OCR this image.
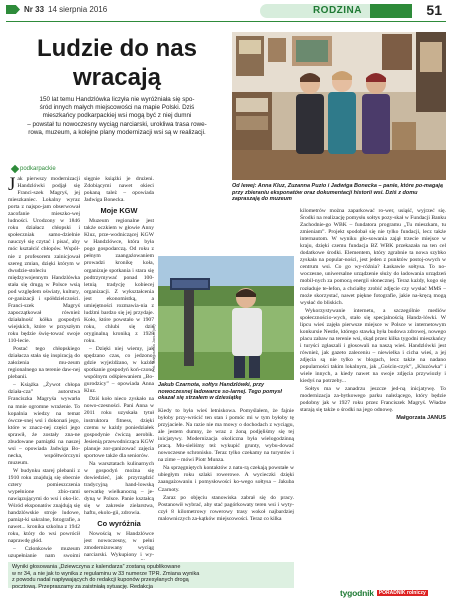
Nr 33 14 sierpnia 2016	RODZINA	51
Ludzie do nas
wracają
150 lat temu Handzlówka liczyła nie wyróżniała się spo-
śród innych małych miejscowości na mapie Polski. Dziś
mieszkańcy podkarpackiej wsi mogą być z niej dumni
– powstał tu nowoczesny wyciąg narciarski, urokliwa trasa rowe-
rowa, muzeum, a kolejne plany modernizacji wsi są w realizacji.
podkarpackie
Od lewej: Anna Kluz, Zuzanna Puzio i Jadwiga Bonecka – panie, które po-magają przy zbieraniu eksponatów oraz dokumentacji historii wsi. Dziś z domu zapraszają do muzeum
Fot. Małgorzata Janus (x2)
Jakub Czarnota, sołtys Handzlówki, przy nowoczesnej ładowarce so-larnej. Tego pomysł okazał się strzałem w dziesiątkę

Jak pierwszy modernizacji Handzlówki podjął się Franci-szek Magryś, jej mieszkaniec. Lokalny wyraz porta z najspo-jam obserwował zacofanie mieszko-wej ludności. Urodzony w 1846 roku działacz chłopski i społeczniak samo-dzielnie nauczył się czytać i pisać, aby móc kształcić chłopów. Wspól-nie z profesorem zainicjował szereg zmian, dzięki którym w dwudzie-stoleciu międzywojennym Handzlówka stała się drugą w Polsce wsią pod względem oświaty, kultury, or-ganizacji i spółdzielczości. Franci-szek Magryś zapoczątkował również działalność kółka gospodyń wiejskich, które w przyszłym roku będzie świę-tować swoje 110-lecie.

Postać tego chłopskiego działacza stała się inspiracją do założenia mu-zeum regionalnego na terenie daw-nej plebanii.

– Książka „Żywot chłopa działa-cza” autorstwa Franciszka Magryśa wywarła na mnie ogromne wrażenie. To kopalnia wiedzy na temat ówcze-snej wsi i dokonań jego, które w znacz-nej części jego sprawił, że zostały zna-ne zbudowane pamiątki na naszej wsi – opowiada Jadwiga Bo-necka, współtwórczyni muzeum.

W budynku starej plebanii z 1910 roku znajdują się obecnie cztery pomieszczenia wypełnione zbio-rami nawiązującymi do wsi i oko-lic. Wśród eksponatów znajdują się handzlówskie stroje ludowe, pamiąt-ki sakralne, fotografie, a nawet... kronika szkolna z 1942 roku, który do wsi powrócił naprawdę głód.

– Członkowie muzeum uzupełnianie nam swoimi

sięgnie książki je drużeni. Zdobiącymi nawet okieci pokaną tależ – opowiada Jadwiga Bonecka.

Moje KGW

Muzeum regionalne jest także oczkiem w głowie Anny Kluz, prze-wodniczącej KGW w Handzlówce, która była pogo gospodarczą. Od roku z pełnym zaangażowaniem prowadzi kronikę koła, organizuje spotkania i stara się podtrzymywać ponad 100-letnią tradycję kobiecej organizacji. Z wykształcenia jest ekonomistką, a umiejętności rozmawia-nia z ludźmi bardzo się jej przydaje. Koło, które powstało w 1907 roku, chlubi się dziś oryginalną kroniką z 1928 roku.

– Dzięki niej wiemy, jak spędzano czas, co jedzono, gdzie wyjeżdżano, w każde spotkanie gospodyń koń-czono wspólnym odśpiewaniem „Bo-gurodzicy” – opowiada Anna Kluz.

Dziś koło nieco zyskało na nowo-czesności. Pani Anna w 2011 roku uzyskała tytuł instruktora fitness, dzięki czemu w każdy poniedziałek gospodynie ćwiczą aerobik. Jesienią przewodnicząca KGW planuje zor-ganizować zajęcia sportowe także dla seniorów.

Na warsztatach kulinarnych w gospodyń można się dowiedzieć, jak przyrządzić tradycyjną hand-lowską serwatkę wielkanocną – je-dyną w Polsce. Panie kształcą się w zakresie zielarstwa, haftu, ekolo-gii, zdrowia.

Co wyróżnia

Nowością w Handzlówce jest nowoczesny, w pełni zmodernizowany wyciąg narciarski. Wykupiony i wy-

Kiedy to była wieś letniskowa. Pomyślałem, że fajnie byłoby przy-wrócić ten stan i pomóc mi w tym byłoby tę przyjaciele. Na razie nie ma mowy o dochodach z wyciągu, ale jestem dumny, że wraz z żoną podjęliśmy się tej inicjatywy. Modernizacja okoliczna była wielogodzinną pracą. Mu-sieliśmy też wykupić grunty, wybu-dować nowoczesne schronisko. Teraz tylko czekamy na turystów i na zime – mówi Piotr Munza.

Na sprzęgniętych kontaktów z natu-rą czekają powstałe w ubiegłym roku szlaki rowerowe. A wycieczki dzięki zaangażowaniu i pomysłowości ko-wego sołtysa – Jakuba Czarnoty.

Zaraz po objęciu stanowiska zabrał się do pracy. Postanowił wybrać, aby stać pagórkowaty teren wsi i wyty-czył 8 kilometrowy rowerowy trasy wokoł najbardziej malowniczych za-kątków miejscowości. Teraz co kilka

kilometrów można zaparkować ro-wer, usiąść, wyjrzeć się. Środki na realizację pomysłu sołtys pozy-skał w Fundacji Banku Zachodnie-go WBK – fundatora programu „Tu mieszkam, tu zmieniam”. Projekt spodobał się nie tylko fundacji, lecz także internautom. W wyniku gło-sowania zajął trzecie miejsce w kraju, dzięki czemu fundacja BZ WBK przekazała na ten cel dodatkowe środki. Elementem, który zgrabnie ta nowa szybko zyskała na popular-ności, jest jeden z punktów postoj-owych w centrum wsi. Co go wy-różnia? Łaskawie sołtysa. To no-woczesne, uniwersalne urządzenie służy do ładowania urządzeń mobil-nych za pomocą energii słonecznej. Teraz każdy, kogo się rozładuje te-lefon, a chciałby zrobić zdjęcie czy wysłać MMS – może skorzystać, nawet piękne fotografie, jakie na-kręcą mogą wysłać do bliskich.

Wykorzystywanie internetu, a szczególnie mediów społecznościo-wych, stało się specjalnością Handz-lówki. W lipcu wieś zajęła pierwsze miejsce w Polsce w internetowym konkursie Nestle, którego stawką była budowa zdrowej, nowego placu zabaw na terenie wsi, skąd przez kilka tygodni mieszkańcy i turyści zgłaszali i głosowali na naszą wieś. Handzlówki jest również, jak gazeto zaleceniu – niewielka i cicha wieś, a jej zdjęcia są nie tylko w blogach, lecz także na nadano popularności takim lokalnym, jak „Gościn-czyk”, „Kluzówka” i wiele innych, a kiedy nawet na swoje zdjęcia przywiozły i kiedyś na potrzeby...

Sołtys ma w zanadrzu jeszcze jed-ną inicjatywę. To modernizacja za-bytkowego parku należącego, który będzie podobny jak w 1927 roku przez Franciszek Magryś. Władze starają się także o środki na jego odnowę.

Małgorzata JANUS
Wyniki głosowania „Dziewczyna z kalendarza” zostaną opublikowane
w nr 34, a nie jak to wynika z regulaminu w 33 numerze TPR. Zmiana wynika
z powodu nadal napływających do redakcji kuponów przesyłanych drogą
pocztową. Przepraszamy za zaistniałą sytuację. Redakcja
tygodnik	PORADNIK rolniczy
